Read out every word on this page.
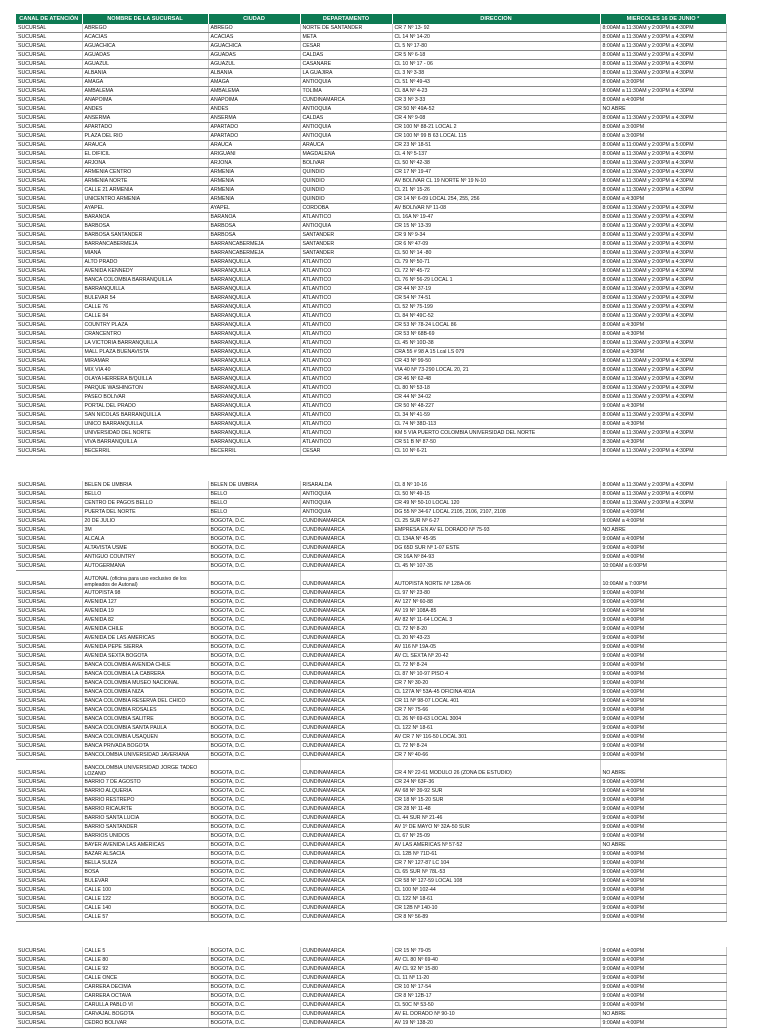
CANAL DE ATENCIÓN	NOMBRE DE LA SUCURSAL	CIUDAD	DEPARTAMENTO	DIRECCION	MIERCOLES 16 DE JUNIO *
SUCURSAL	ABREGO	ABREGO	NORTE DE SANTANDER	CR 7 Nº 13- 92	8:00AM a 11:30AM y 2:00PM a 4:30PM
SUCURSAL	ACACIAS	ACACIAS	META	CL 14 Nº 14-20	8:00AM a 11:30AM y 2:00PM a 4:30PM
SUCURSAL	AGUACHICA	AGUACHICA	CESAR	CL 5 Nº 17-80	8:00AM a 11:30AM y 2:00PM a 4:30PM
SUCURSAL	AGUADAS	AGUADAS	CALDAS	CR 5 Nº 6-18	8:00AM a 11:30AM y 2:00PM a 4:30PM
SUCURSAL	AGUAZUL	AGUAZUL	CASANARE	CL 10 Nº 17 - 06	8:00AM a 11:30AM y 2:00PM a 4:30PM
SUCURSAL	ALBANIA	ALBANIA	LA GUAJIRA	CL 3 Nº 3-38	8:00AM a 11:30AM y 2:00PM a 4:30PM
SUCURSAL	AMAGA	AMAGA	ANTIOQUIA	CL 51 Nº 49-43	8:00AM a 3:00PM
SUCURSAL	AMBALEMA	AMBALEMA	TOLIMA	CL 8A Nº 4-23	8:00AM a 11:30AM y 2:00PM a 4:30PM
SUCURSAL	ANAPOIMA	ANAPOIMA	CUNDINAMARCA	CR 3 Nº 3-33	8:00AM a 4:00PM
SUCURSAL	ANDES	ANDES	ANTIOQUIA	CR 50 Nº 49A-52	NO ABRE
SUCURSAL	ANSERMA	ANSERMA	CALDAS	CR 4 Nº 9-08	8:00AM a 11:30AM y 2:00PM a 4:30PM
SUCURSAL	APARTADO	APARTADO	ANTIOQUIA	CR 100 Nº 88-21 LOCAL 2	8:00AM a 3:00PM
SUCURSAL	PLAZA DEL RIO	APARTADO	ANTIOQUIA	CR 100 Nº 99 B 63 LOCAL 115	8:00AM a 3:00PM
SUCURSAL	ARAUCA	ARAUCA	ARAUCA	CR 23 Nº 18-51	8:00AM a 11:00AM y 2:00PM a 5:00PM
SUCURSAL	EL DIFICIL	ARIGUANI	MAGDALENA	CL 4 Nº 5-137	8:00AM a 11:30AM y 2:00PM a 4:30PM
SUCURSAL	ARJONA	ARJONA	BOLIVAR	CL 50 Nº 42-38	8:00AM a 11:30AM y 2:00PM a 4:30PM
SUCURSAL	ARMENIA CENTRO	ARMENIA	QUINDIO	CR 17 Nº 19-47	8:00AM a 11:30AM y 2:00PM a 4:30PM
SUCURSAL	ARMENIA NORTE	ARMENIA	QUINDIO	AV BOLIVAR CL 19 NORTE Nº 19 N-10	8:00AM a 11:30AM y 2:00PM a 4:30PM
SUCURSAL	CALLE 21 ARMENIA	ARMENIA	QUINDIO	CL 21 Nº 15-26	8:00AM a 11:30AM y 2:00PM a 4:30PM
SUCURSAL	UNICENTRO ARMENIA	ARMENIA	QUINDIO	CR 14 Nº 6-09 LOCAL 254, 255, 256	8:00AM a 4:30PM
SUCURSAL	AYAPEL	AYAPEL	CORDOBA	AV BOLIVAR Nº 11-08	8:00AM a 11:30AM y 2:00PM a 4:30PM
SUCURSAL	BARANOA	BARANOA	ATLANTICO	CL 16A Nº 19-47	8:00AM a 11:30AM y 2:00PM a 4:30PM
SUCURSAL	BARBOSA	BARBOSA	ANTIOQUIA	CR 15 Nº 13-39	8:00AM a 11:30AM y 2:00PM a 4:30PM
SUCURSAL	BARBOSA SANTANDER	BARBOSA	SANTANDER	CR 9 Nº 9-34	8:00AM a 11:30AM y 2:00PM a 4:30PM
SUCURSAL	BARRANCABERMEJA	BARRANCABERMEJA	SANTANDER	CR 6 Nº 47-09	8:00AM a 11:30AM y 2:00PM a 4:30PM
SUCURSAL	MIANÁ	BARRANCABERMEJA	SANTANDER	CL 50 Nº 14 -80	8:00AM a 11:30AM y 2:00PM a 4:30PM
SUCURSAL	ALTO PRADO	BARRANQUILLA	ATLANTICO	CL 79 Nº 50-71	8:00AM a 11:30AM y 2:00PM a 4:30PM
SUCURSAL	AVENIDA KENNEDY	BARRANQUILLA	ATLANTICO	CL 72 Nº 45-72	8:00AM a 11:30AM y 2:00PM a 4:30PM
SUCURSAL	BANCA COLOMBIA BARRANQUILLA	BARRANQUILLA	ATLANTICO	CL 76 Nº 56-29 LOCAL 1	8:00AM a 11:30AM y 2:00PM a 4:30PM
SUCURSAL	BARRANQUILLA	BARRANQUILLA	ATLANTICO	CR 44 Nº 37-19	8:00AM a 11:30AM y 2:00PM a 4:30PM
SUCURSAL	BULEVAR 54	BARRANQUILLA	ATLANTICO	CR 54 Nº 74-51	8:00AM a 11:30AM y 2:00PM a 4:30PM
SUCURSAL	CALLE 76	BARRANQUILLA	ATLANTICO	CL 52 Nº 75-199	8:00AM a 11:30AM y 2:00PM a 4:30PM
SUCURSAL	CALLE 84	BARRANQUILLA	ATLANTICO	CL 84 Nº 49C-52	8:00AM a 11:30AM y 2:00PM a 4:30PM
SUCURSAL	COUNTRY PLAZA	BARRANQUILLA	ATLANTICO	CR 53 Nº 78-24 LOCAL 86	8:00AM a 4:30PM
SUCURSAL	CRANCENTRO	BARRANQUILLA	ATLANTICO	CR 53 Nº 68B-69	8:00AM a 4:30PM
SUCURSAL	LA VICTORIA BARRANQUILLA	BARRANQUILLA	ATLANTICO	CL 45 Nº 10D-38	8:00AM a 11:30AM y 2:00PM a 4:30PM
SUCURSAL	MALL PLAZA BUENAVISTA	BARRANQUILLA	ATLANTICO	CRA 55 # 98 A 15 Lcal LS 079	8:00AM a 4:30PM
SUCURSAL	MIRAMAR	BARRANQUILLA	ATLANTICO	CR 43 Nº 99-50	8:00AM a 11:30AM y 2:00PM a 4:30PM
SUCURSAL	MIX VIA 40	BARRANQUILLA	ATLANTICO	VIA 40 Nº 73-290 LOCAL 20, 21	8:00AM a 11:30AM y 2:00PM a 4:30PM
SUCURSAL	OLAYA HERRERA B/QUILLA	BARRANQUILLA	ATLANTICO	CR 46 Nº 62-48	8:00AM a 11:30AM y 2:00PM a 4:30PM
SUCURSAL	PARQUE WASHINGTON	BARRANQUILLA	ATLANTICO	CL 80 Nº 53-18	8:00AM a 11:30AM y 2:00PM a 4:30PM
SUCURSAL	PASEO BOLIVAR	BARRANQUILLA	ATLANTICO	CR 44 Nº 34-02	8:00AM a 11:30AM y 2:00PM a 4:30PM
SUCURSAL	PORTAL DEL PRADO	BARRANQUILLA	ATLANTICO	CR 50 Nº 48-227	9:00AM a 4:30PM
SUCURSAL	SAN NICOLAS BARRANQUILLA	BARRANQUILLA	ATLANTICO	CL 34 Nº 41-59	8:00AM a 11:30AM y 2:00PM a 4:30PM
SUCURSAL	UNICO BARRANQUILLA	BARRANQUILLA	ATLANTICO	CL 74 Nº 38D-113	8:00AM a 4:30PM
SUCURSAL	UNIVERSIDAD DEL NORTE	BARRANQUILLA	ATLANTICO	KM 5 VIA PUERTO COLOMBIA UNIVERSIDAD DEL NORTE	8:00AM a 11:30AM y 2:00PM a 4:30PM
SUCURSAL	VIVA BARRANQUILLA	BARRANQUILLA	ATLANTICO	CR 51 B Nº 87-50	8:30AM a 4:30PM
SUCURSAL	BECERRIL	BECERRIL	CESAR	CL 10 Nº 6-21	8:00AM a 11:30AM y 2:00PM a 4:30PM
SUCURSAL	BELEN DE UMBRIA	BELEN DE UMBRIA	RISARALDA	CL 8 Nº 10-16	8:00AM a 11:30AM y 2:00PM a 4:30PM
SUCURSAL	BELLO	BELLO	ANTIOQUIA	CL 50 Nº 49-15	8:00AM a 11:30AM y 2:00PM a 4:00PM
SUCURSAL	CENTRO DE PAGOS BELLO	BELLO	ANTIOQUIA	CR 49 Nº 50-10 LOCAL 120	8:00AM a 11:30AM y 2:00PM a 4:30PM
SUCURSAL	PUERTA DEL NORTE	BELLO	ANTIOQUIA	DG 55 Nº 34-67 LOCAL 2105, 2106, 2107, 2108	9:00AM a 4:00PM
SUCURSAL	20 DE JULIO	BOGOTA, D.C.	CUNDINAMARCA	CL 25 SUR Nº 6-27	9:00AM a 4:00PM
SUCURSAL	3M	BOGOTA, D.C.	CUNDINAMARCA	EMPRESA EN AV EL DORADO Nº 75-93	NO ABRE
SUCURSAL	ALCALA	BOGOTA, D.C.	CUNDINAMARCA	CL 134A Nº 45-95	9:00AM a 4:00PM
SUCURSAL	ALTAVISTA USME	BOGOTA, D.C.	CUNDINAMARCA	DG 65D SUR Nº 1-07 ESTE	9:00AM a 4:00PM
SUCURSAL	ANTIGUO COUNTRY	BOGOTA, D.C.	CUNDINAMARCA	CR 16A Nº 84-93	9:00AM a 4:00PM
SUCURSAL	AUTOGERMANA	BOGOTA, D.C.	CUNDINAMARCA	CL 45 Nº 107-35	10:00AM a 6:00PM
SUCURSAL	AUTONAL (oficina para uso exclusivo de los empleados de Autonal)	BOGOTA, D.C.	CUNDINAMARCA	AUTOPISTA NORTE Nº 128A-06	10:00AM a 7:00PM
SUCURSAL	AUTOPISTA 98	BOGOTA, D.C.	CUNDINAMARCA	CL 97 Nº 23-80	9:00AM a 4:00PM
SUCURSAL	AVENIDA 127	BOGOTA, D.C.	CUNDINAMARCA	AV 127 Nº 60-88	9:00AM a 4:00PM
SUCURSAL	AVENIDA 19	BOGOTA, D.C.	CUNDINAMARCA	AV 19 Nº 108A-85	9:00AM a 4:00PM
SUCURSAL	AVENIDA 82	BOGOTA, D.C.	CUNDINAMARCA	AV 82 Nº 11-64 LOCAL 3	9:00AM a 4:00PM
SUCURSAL	AVENIDA CHILE	BOGOTA, D.C.	CUNDINAMARCA	CL 72 Nº 8-20	9:00AM a 4:00PM
SUCURSAL	AVENIDA DE LAS AMERICAS	BOGOTA, D.C.	CUNDINAMARCA	CL 20 Nº 43-23	9:00AM a 4:00PM
SUCURSAL	AVENIDA PEPE SIERRA	BOGOTA, D.C.	CUNDINAMARCA	AV 116 Nº 19A-05	9:00AM a 4:00PM
SUCURSAL	AVENIDA SEXTA BOGOTA	BOGOTA, D.C.	CUNDINAMARCA	AV CL SEXTA Nº 20-42	9:00AM a 4:00PM
SUCURSAL	BANCA COLOMBIA AVENIDA CHILE	BOGOTA, D.C.	CUNDINAMARCA	CL 72 Nº 8-24	9:00AM a 4:00PM
SUCURSAL	BANCA COLOMBIA LA CABRERA	BOGOTA, D.C.	CUNDINAMARCA	CL 87 Nº 10-97 PISO 4	9:00AM a 4:00PM
SUCURSAL	BANCA COLOMBIA MUSEO NACIONAL	BOGOTA, D.C.	CUNDINAMARCA	CR 7 Nº 30-20	9:00AM a 4:00PM
SUCURSAL	BANCA COLOMBIA NIZA	BOGOTA, D.C.	CUNDINAMARCA	CL 127A Nº 53A-45 OFICINA 401A	9:00AM a 4:00PM
SUCURSAL	BANCA COLOMBIA RESERVA DEL CHICO	BOGOTA, D.C.	CUNDINAMARCA	CR 11 Nº 98-07 LOCAL 401	9:00AM a 4:00PM
SUCURSAL	BANCA COLOMBIA ROSALES	BOGOTA, D.C.	CUNDINAMARCA	CR 7 Nº 75-66	9:00AM a 4:00PM
SUCURSAL	BANCA COLOMBIA SALITRE	BOGOTA, D.C.	CUNDINAMARCA	CL 26 Nº 69-63 LOCAL 3004	9:00AM a 4:00PM
SUCURSAL	BANCA COLOMBIA SANTA PAULA	BOGOTA, D.C.	CUNDINAMARCA	CL 122 Nº 18-61	9:00AM a 4:00PM
SUCURSAL	BANCA COLOMBIA USAQUEN	BOGOTA, D.C.	CUNDINAMARCA	AV CR 7 Nº 116-50 LOCAL 301	9:00AM a 4:00PM
SUCURSAL	BANCA PRIVADA BOGOTA	BOGOTA, D.C.	CUNDINAMARCA	CL 72 Nº 8-24	9:00AM a 4:00PM
SUCURSAL	BANCOLOMBIA UNIVERSIDAD JAVERIANA	BOGOTA, D.C.	CUNDINAMARCA	CR 7 Nº 40-66	9:00AM a 4:00PM
SUCURSAL	BANCOLOMBIA UNIVERSIDAD JORGE TADEO LOZANO	BOGOTA, D.C.	CUNDINAMARCA	CR 4 Nº 22-61 MODULO 26 (ZONA DE ESTUDIO)	NO ABRE
SUCURSAL	BARRIO 7 DE AGOSTO	BOGOTA, D.C.	CUNDINAMARCA	CR 24 Nº 63F-36	9:00AM a 4:00PM
SUCURSAL	BARRIO ALQUERIA	BOGOTA, D.C.	CUNDINAMARCA	AV 68 Nº 39-92 SUR	9:00AM a 4:00PM
SUCURSAL	BARRIO RESTREPO	BOGOTA, D.C.	CUNDINAMARCA	CR 18 Nº 15-20 SUR	9:00AM a 4:00PM
SUCURSAL	BARRIO RICAURTE	BOGOTA, D.C.	CUNDINAMARCA	CR 28 Nº 11-48	9:00AM a 4:00PM
SUCURSAL	BARRIO SANTA LUCIA	BOGOTA, D.C.	CUNDINAMARCA	CL 44 SUR Nº 21-46	9:00AM a 4:00PM
SUCURSAL	BARRIO SANTANDER	BOGOTA, D.C.	CUNDINAMARCA	AV 1º DE MAYO Nº 32A-50 SUR	9:00AM a 4:00PM
SUCURSAL	BARRIOS UNIDOS	BOGOTA, D.C.	CUNDINAMARCA	CL 67 Nº 25-09	9:00AM a 4:00PM
SUCURSAL	BAYER AVENIDA LAS AMERICAS	BOGOTA, D.C.	CUNDINAMARCA	AV LAS AMERICAS Nº 57-52	NO ABRE
SUCURSAL	BAZAR ALSACIA	BOGOTA, D.C.	CUNDINAMARCA	CL 12B Nº 71D-61	9:00AM a 4:00PM
SUCURSAL	BELLA SUIZA	BOGOTA, D.C.	CUNDINAMARCA	CR 7 Nº 127-87 LC 104	9:00AM a 4:00PM
SUCURSAL	BOSA	BOGOTA, D.C.	CUNDINAMARCA	CL 65 SUR Nº 78L-53	9:00AM a 4:00PM
SUCURSAL	BULEVAR	BOGOTA, D.C.	CUNDINAMARCA	CR 58 Nº 127-59 LOCAL 108	9:00AM a 4:00PM
SUCURSAL	CALLE 100	BOGOTA, D.C.	CUNDINAMARCA	CL 100 Nº 102-44	9:00AM a 4:00PM
SUCURSAL	CALLE 122	BOGOTA, D.C.	CUNDINAMARCA	CL 122 Nº 18-61	9:00AM a 4:00PM
SUCURSAL	CALLE 140	BOGOTA, D.C.	CUNDINAMARCA	CR 12B Nº 140-10	9:00AM a 4:00PM
SUCURSAL	CALLE 57	BOGOTA, D.C.	CUNDINAMARCA	CR 8 Nº 56-89	9:00AM a 4:00PM
SUCURSAL	CALLE 5	BOGOTA, D.C.	CUNDINAMARCA	CR 15 Nº 79-05	9:00AM a 4:00PM
SUCURSAL	CALLE 80	BOGOTA, D.C.	CUNDINAMARCA	AV CL 80 Nº 69-40	9:00AM a 4:00PM
SUCURSAL	CALLE 92	BOGOTA, D.C.	CUNDINAMARCA	AV CL 92 Nº 15-80	9:00AM a 4:00PM
SUCURSAL	CALLE ONCE	BOGOTA, D.C.	CUNDINAMARCA	CL 11 Nº 11-20	9:00AM a 4:00PM
SUCURSAL	CARRERA DECIMA	BOGOTA, D.C.	CUNDINAMARCA	CR 10 Nº 17-54	9:00AM a 4:00PM
SUCURSAL	CARRERA OCTAVA	BOGOTA, D.C.	CUNDINAMARCA	CR 8 Nº 12B-17	9:00AM a 4:00PM
SUCURSAL	CARULLA PABLO VI	BOGOTA, D.C.	CUNDINAMARCA	CL 50C Nº 53-50	9:00AM a 4:00PM
SUCURSAL	CARVAJAL BOGOTA	BOGOTA, D.C.	CUNDINAMARCA	AV EL DORADO Nº 90-10	NO ABRE
SUCURSAL	CEDRO BOLIVAR	BOGOTA, D.C.	CUNDINAMARCA	AV 19 Nº 138-20	9:00AM a 4:00PM
